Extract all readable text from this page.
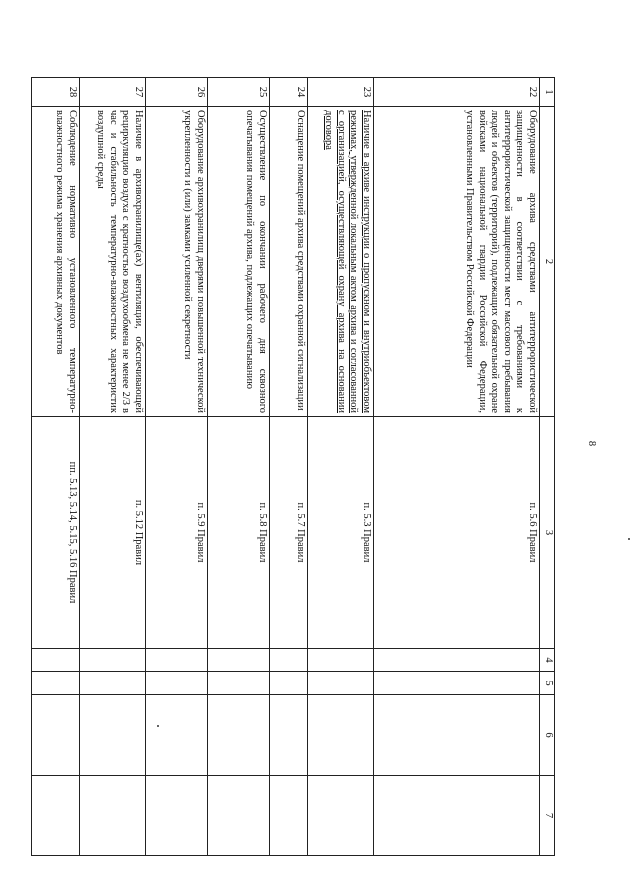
8
1	2	3	4	5	6	7
22	Оборудование архива средствами антитеррористической защищенности в соответствии с требованиями к антитеррористической защищенности мест массового пребывания людей и объектов (территорий), подлежащих обязательной охране войсками национальной гвардии Российской Федерации, установленными Правительством Российской Федерации	п. 5.6 Правил				
23	Наличие в архиве инструкции о пропускном и внутриобъектовом режимах, утвержденной локальным актом архива и согласованной с организацией, осуществляющей охрану архива на основании договора	п. 5.3 Правил				
24	Оснащение помещений архива средствами охранной сигнализации	п. 5.7 Правил				
25	Осуществление по окончании рабочего дня сквозного опечатывания помещений архива, подлежащих опечатыванию	п. 5.8 Правил				
26	Оборудование архивохранилищ дверями повышенной технической укрепленности и (или) замками усиленной секретности	п. 5.9 Правил				
27	Наличие в архивохранилище(ах) вентиляции, обеспечивающей рециркуляцию воздуха с кратностью воздухообмена не менее 2/3 в час и стабильность температурно-влажностных характеристик воздушной среды	п. 5.12 Правил				
28	Соблюдение нормативно установленного температурно-влажностного режима хранения архивных документов	пп. 5.13, 5.14, 5.15, 5.16 Правил				
